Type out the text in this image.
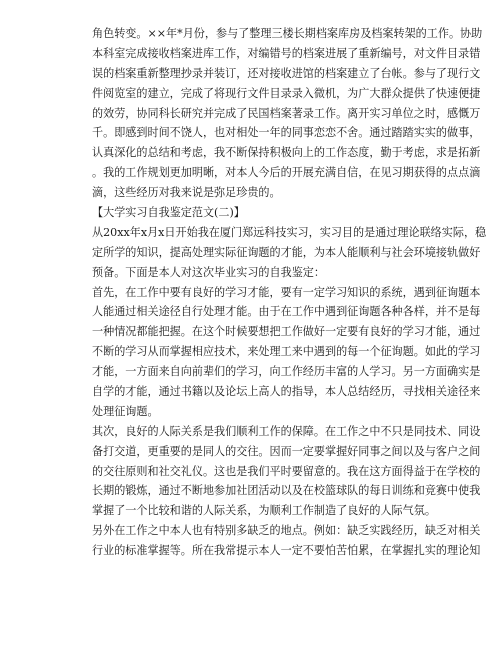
角色转变。××年*月份，参与了整理三楼长期档案库房及档案转架的工作。协助
本科室完成接收档案进库工作，对编错号的档案进展了重新编号，对文件目录错
误的档案重新整理抄录并装订，还对接收进馆的档案建立了台帐。参与了现行文
件阅览室的建立，完成了将现行文件目录录入微机，为广大群众提供了快速便捷
的效劳，协同科长研究并完成了民国档案著录工作。离开实习单位之时，感慨万
千。即感到时间不饶人，也对相处一年的同事恋恋不舍。通过踏踏实实的做事，
认真深化的总结和考虑，我不断保持积极向上的工作态度，勤于考虑，求是拓新
。我的工作规划更加明晰，对本人今后的开展充满自信，在见习期获得的点点滴
滴，这些经历对我来说是弥足珍贵的。
【大学实习自我鉴定范文(二)】
从20xx年x月x日开始我在厦门郑远科技实习，实习目的是通过理论联络实际，稳
定所学的知识，提高处理实际征询题的才能，为本人能顺利与社会环境接轨做好
预备。下面是本人对这次毕业实习的自我鉴定：
首先，在工作中要有良好的学习才能，要有一定学习知识的系统，遇到征询题本
人能通过相关途径自行处理才能。由于在工作中遇到征询题各种各样，并不是每
一种情况都能把握。在这个时候要想把工作做好一定要有良好的学习才能，通过
不断的学习从而掌握相应技术，来处理工来中遇到的每一个征询题。如此的学习
才能，一方面来自向前辈们的学习，向工作经历丰富的人学习。另一方面确实是
自学的才能，通过书籍以及论坛上高人的指导，本人总结经历，寻找相关途径来
处理征询题。
其次，良好的人际关系是我们顺利工作的保障。在工作之中不只是同技术、同设
备打交道，更重要的是同人的交往。因而一定要掌握好同事之间以及与客户之间
的交往原则和社交礼仪。这也是我们平时要留意的。我在这方面得益于在学校的
长期的锻炼，通过不断地参加社团活动以及在校篮球队的每日训练和竞赛中使我
掌握了一个比较和谐的人际关系，为顺利工作制造了良好的人际气氛。
另外在工作之中本人也有特别多缺乏的地点。例如：缺乏实践经历，缺乏对相关
行业的标准掌握等。所在我常提示本人一定不要怕苦怕累，在掌握扎实的理论知
